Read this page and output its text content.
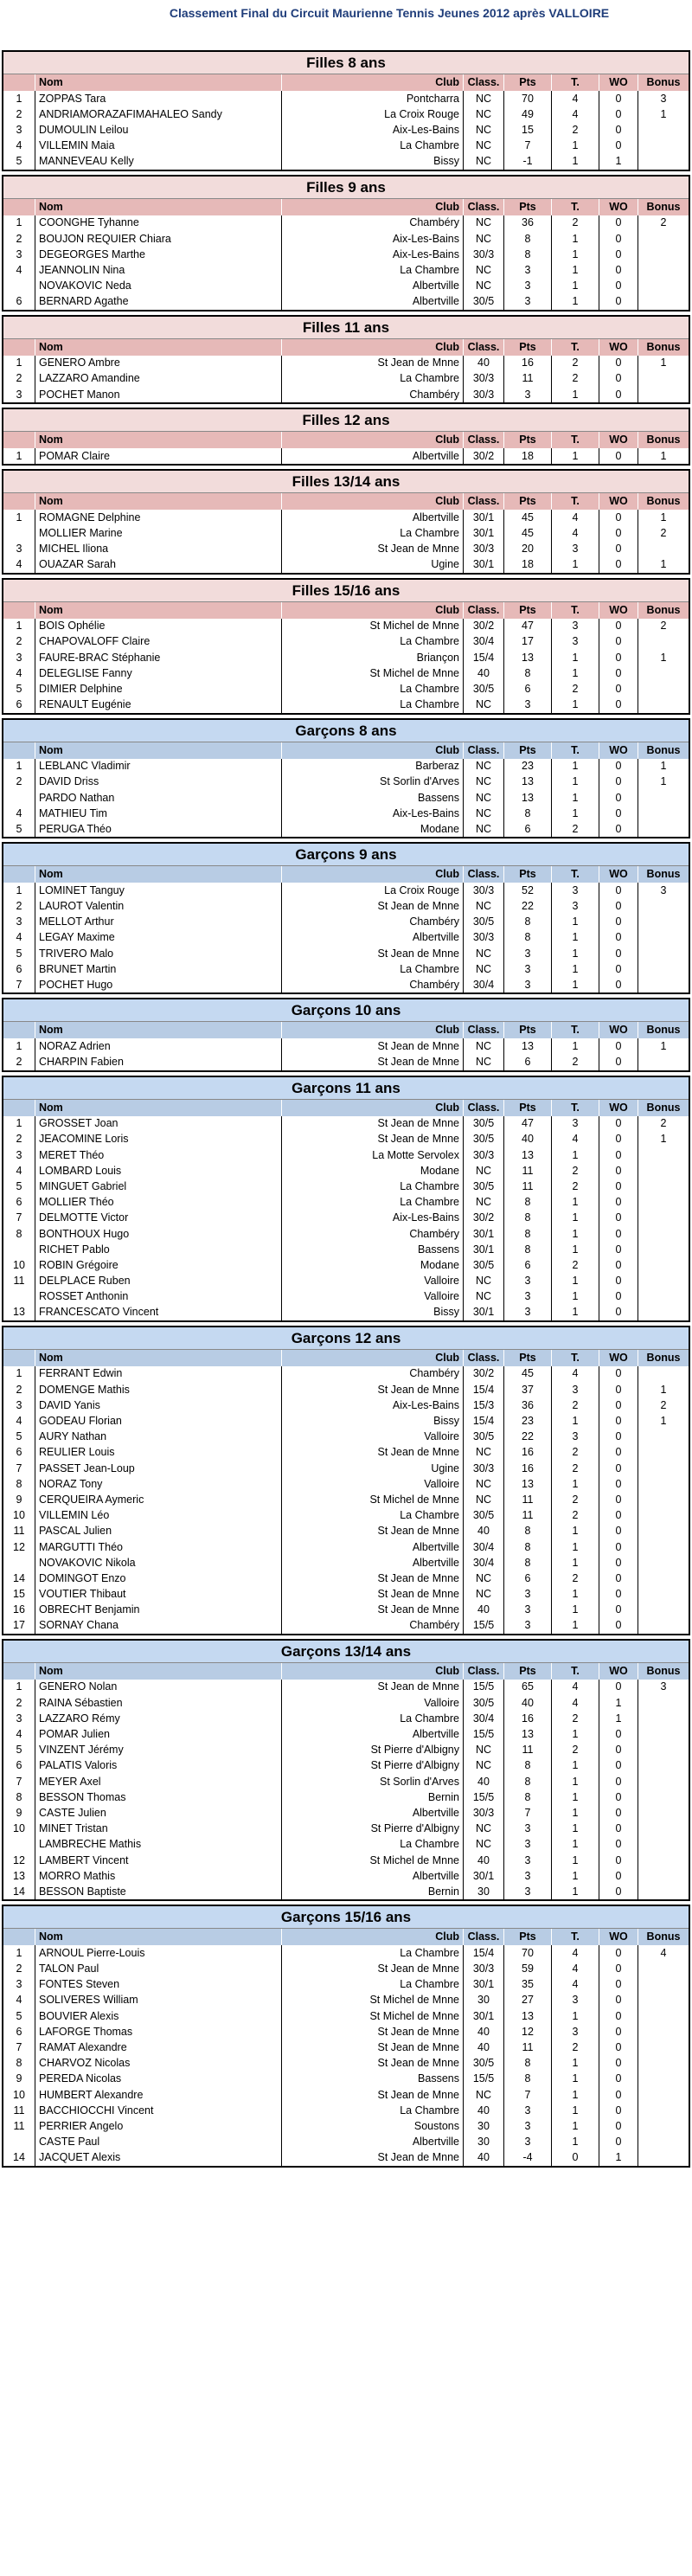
Classement Final du Circuit Maurienne Tennis Jeunes 2012 après VALLOIRE
Filles 8 ans
	Nom	Club	Class.	Pts	T.	WO	Bonus
1	ZOPPAS Tara	Pontcharra	NC	70	4	0	3
2	ANDRIAMORAZAFIMAHALEO Sandy	La Croix Rouge	NC	49	4	0	1
3	DUMOULIN Leilou	Aix-Les-Bains	NC	15	2	0	
4	VILLEMIN Maia	La Chambre	NC	7	1	0	
5	MANNEVEAU Kelly	Bissy	NC	-1	1	1	
Filles 9 ans
	Nom	Club	Class.	Pts	T.	WO	Bonus
1	COONGHE Tyhanne	Chambéry	NC	36	2	0	2
2	BOUJON REQUIER Chiara	Aix-Les-Bains	NC	8	1	0	
3	DEGEORGES Marthe	Aix-Les-Bains	30/3	8	1	0	
4	JEANNOLIN Nina	La Chambre	NC	3	1	0	
	NOVAKOVIC Neda	Albertville	NC	3	1	0	
6	BERNARD Agathe	Albertville	30/5	3	1	0	
Filles 11 ans
	Nom	Club	Class.	Pts	T.	WO	Bonus
1	GENERO Ambre	St Jean de Mnne	40	16	2	0	1
2	LAZZARO Amandine	La Chambre	30/3	11	2	0	
3	POCHET Manon	Chambéry	30/3	3	1	0	
Filles 12 ans
	Nom	Club	Class.	Pts	T.	WO	Bonus
1	POMAR Claire	Albertville	30/2	18	1	0	1
Filles 13/14 ans
	Nom	Club	Class.	Pts	T.	WO	Bonus
1	ROMAGNE Delphine	Albertville	30/1	45	4	0	1
	MOLLIER Marine	La Chambre	30/1	45	4	0	2
3	MICHEL Iliona	St Jean de Mnne	30/3	20	3	0	
4	OUAZAR Sarah	Ugine	30/1	18	1	0	1
Filles 15/16 ans
	Nom	Club	Class.	Pts	T.	WO	Bonus
1	BOIS Ophélie	St Michel de Mnne	30/2	47	3	0	2
2	CHAPOVALOFF Claire	La Chambre	30/4	17	3	0	
3	FAURE-BRAC Stéphanie	Briançon	15/4	13	1	0	1
4	DELEGLISE Fanny	St Michel de Mnne	40	8	1	0	
5	DIMIER Delphine	La Chambre	30/5	6	2	0	
6	RENAULT Eugénie	La Chambre	NC	3	1	0	
Garçons 8 ans
	Nom	Club	Class.	Pts	T.	WO	Bonus
1	LEBLANC Vladimir	Barberaz	NC	23	1	0	1
2	DAVID Driss	St Sorlin d'Arves	NC	13	1	0	1
	PARDO Nathan	Bassens	NC	13	1	0	
4	MATHIEU Tim	Aix-Les-Bains	NC	8	1	0	
5	PERUGA Théo	Modane	NC	6	2	0	
Garçons 9 ans
	Nom	Club	Class.	Pts	T.	WO	Bonus
1	LOMINET Tanguy	La Croix Rouge	30/3	52	3	0	3
2	LAUROT Valentin	St Jean de Mnne	NC	22	3	0	
3	MELLOT Arthur	Chambéry	30/5	8	1	0	
4	LEGAY Maxime	Albertville	30/3	8	1	0	
5	TRIVERO Malo	St Jean de Mnne	NC	3	1	0	
6	BRUNET Martin	La Chambre	NC	3	1	0	
7	POCHET Hugo	Chambéry	30/4	3	1	0	
Garçons 10 ans
	Nom	Club	Class.	Pts	T.	WO	Bonus
1	NORAZ Adrien	St Jean de Mnne	NC	13	1	0	1
2	CHARPIN Fabien	St Jean de Mnne	NC	6	2	0	
Garçons 11 ans
	Nom	Club	Class.	Pts	T.	WO	Bonus
1	GROSSET Joan	St Jean de Mnne	30/5	47	3	0	2
2	JEACOMINE Loris	St Jean de Mnne	30/5	40	4	0	1
3	MERET Théo	La Motte Servolex	30/3	13	1	0	
4	LOMBARD Louis	Modane	NC	11	2	0	
5	MINGUET Gabriel	La Chambre	30/5	11	2	0	
6	MOLLIER Théo	La Chambre	NC	8	1	0	
7	DELMOTTE Victor	Aix-Les-Bains	30/2	8	1	0	
8	BONTHOUX Hugo	Chambéry	30/1	8	1	0	
	RICHET Pablo	Bassens	30/1	8	1	0	
10	ROBIN Grégoire	Modane	30/5	6	2	0	
11	DELPLACE Ruben	Valloire	NC	3	1	0	
	ROSSET Anthonin	Valloire	NC	3	1	0	
13	FRANCESCATO Vincent	Bissy	30/1	3	1	0	
Garçons 12 ans
	Nom	Club	Class.	Pts	T.	WO	Bonus
1	FERRANT Edwin	Chambéry	30/2	45	4	0	
2	DOMENGE Mathis	St Jean de Mnne	15/4	37	3	0	1
3	DAVID Yanis	Aix-Les-Bains	15/3	36	2	0	2
4	GODEAU Florian	Bissy	15/4	23	1	0	1
5	AURY Nathan	Valloire	30/5	22	3	0	
6	REULIER Louis	St Jean de Mnne	NC	16	2	0	
7	PASSET Jean-Loup	Ugine	30/3	16	2	0	
8	NORAZ Tony	Valloire	NC	13	1	0	
9	CERQUEIRA Aymeric	St Michel de Mnne	NC	11	2	0	
10	VILLEMIN Léo	La Chambre	30/5	11	2	0	
11	PASCAL Julien	St Jean de Mnne	40	8	1	0	
12	MARGUTTI Théo	Albertville	30/4	8	1	0	
	NOVAKOVIC Nikola	Albertville	30/4	8	1	0	
14	DOMINGOT Enzo	St Jean de Mnne	NC	6	2	0	
15	VOUTIER Thibaut	St Jean de Mnne	NC	3	1	0	
16	OBRECHT Benjamin	St Jean de Mnne	40	3	1	0	
17	SORNAY Chana	Chambéry	15/5	3	1	0	
Garçons 13/14 ans
	Nom	Club	Class.	Pts	T.	WO	Bonus
1	GENERO Nolan	St Jean de Mnne	15/5	65	4	0	3
2	RAINA Sébastien	Valloire	30/5	40	4	1	
3	LAZZARO Rémy	La Chambre	30/4	16	2	1	
4	POMAR Julien	Albertville	15/5	13	1	0	
5	VINZENT Jérémy	St Pierre d'Albigny	NC	11	2	0	
6	PALATIS Valoris	St Pierre d'Albigny	NC	8	1	0	
7	MEYER Axel	St Sorlin d'Arves	40	8	1	0	
8	BESSON Thomas	Bernin	15/5	8	1	0	
9	CASTE Julien	Albertville	30/3	7	1	0	
10	MINET Tristan	St Pierre d'Albigny	NC	3	1	0	
	LAMBRECHE Mathis	La Chambre	NC	3	1	0	
12	LAMBERT Vincent	St Michel de Mnne	40	3	1	0	
13	MORRO Mathis	Albertville	30/1	3	1	0	
14	BESSON Baptiste	Bernin	30	3	1	0	
Garçons 15/16 ans
	Nom	Club	Class.	Pts	T.	WO	Bonus
1	ARNOUL Pierre-Louis	La Chambre	15/4	70	4	0	4
2	TALON Paul	St Jean de Mnne	30/3	59	4	0	
3	FONTES Steven	La Chambre	30/1	35	4	0	
4	SOLIVERES William	St Michel de Mnne	30	27	3	0	
5	BOUVIER Alexis	St Michel de Mnne	30/1	13	1	0	
6	LAFORGE Thomas	St Jean de Mnne	40	12	3	0	
7	RAMAT Alexandre	St Jean de Mnne	40	11	2	0	
8	CHARVOZ Nicolas	St Jean de Mnne	30/5	8	1	0	
9	PEREDA Nicolas	Bassens	15/5	8	1	0	
10	HUMBERT Alexandre	St Jean de Mnne	NC	7	1	0	
11	BACCHIOCCHI Vincent	La Chambre	40	3	1	0	
11	PERRIER Angelo	Soustons	30	3	1	0	
	CASTE Paul	Albertville	30	3	1	0	
14	JACQUET Alexis	St Jean de Mnne	40	-4	0	1	
